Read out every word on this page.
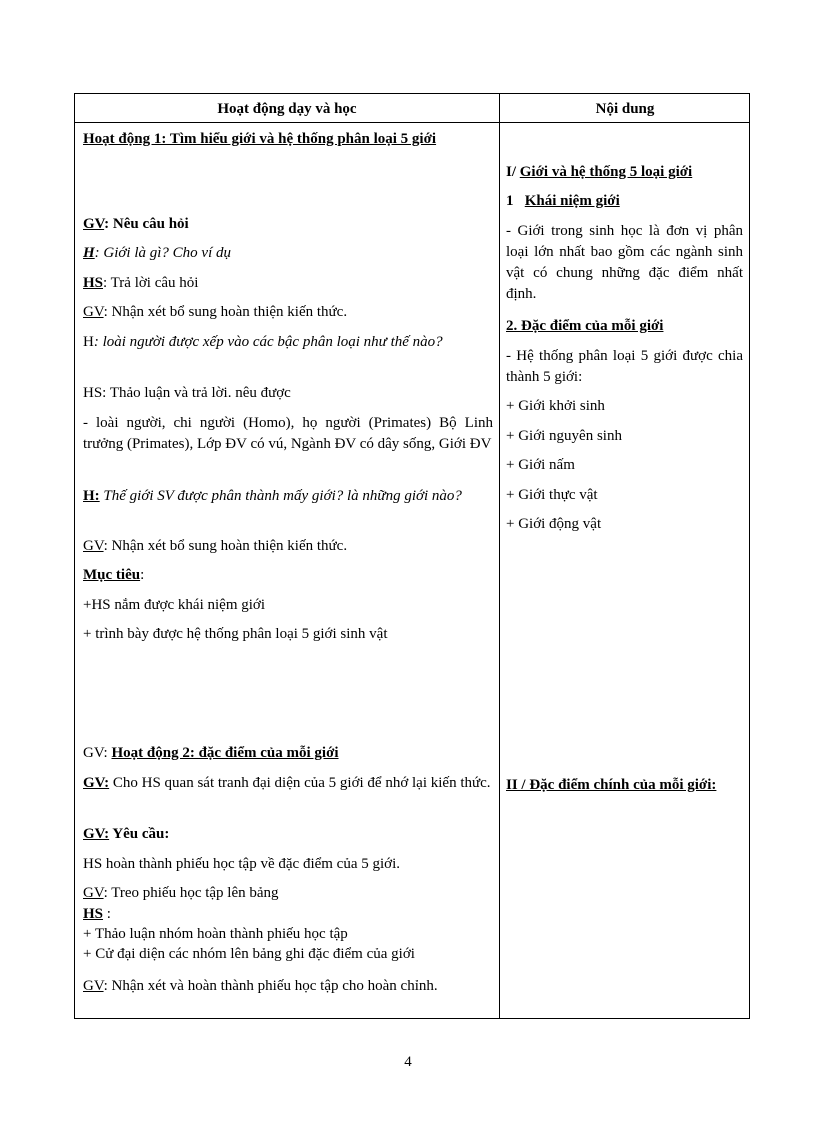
Hoạt động dạy và học	Nội dung
Hoạt động 1: Tìm hiểu giới và hệ thống phân loại 5 giới
GV: Nêu câu hỏi
H: Giới là gì? Cho ví dụ
HS: Trả lời câu hỏi
GV: Nhận xét bổ sung hoàn thiện kiến thức.
H: loài người được xếp vào các bậc phân loại như thế nào?
HS: Thảo luận và trả lời. nêu được
- loài người, chi người (Homo), họ người (Primates) Bộ Linh trưởng (Primates), Lớp ĐV có vú, Ngành ĐV có dây sống, Giới ĐV
H: Thế giới SV được phân thành mấy giới? là những giới nào?
GV: Nhận xét bổ sung hoàn thiện kiến thức.
Mục tiêu:
+HS nắm được khái niệm giới
+ trình bày được hệ thống phân loại 5 giới sinh vật
GV: Hoạt động 2: đặc điểm của mỗi giới
GV: Cho HS quan sát tranh đại diện của 5 giới để nhớ lại kiến thức.
GV: Yêu cầu:
HS hoàn thành phiếu học tập về đặc điểm của 5 giới.
GV: Treo phiếu học tập lên bảng
HS :
+ Thảo luận nhóm hoàn thành phiếu học tập
+ Cử đại diện các nhóm lên bảng ghi đặc điểm của giới
GV: Nhận xét và hoàn thành phiếu học tập cho hoàn chỉnh.
I/ Giới và hệ thống 5 loại giới
1 Khái niệm giới
- Giới trong sinh học là đơn vị phân loại lớn nhất bao gồm các ngành sinh vật có chung những đặc điểm nhất định.
2. Đặc điểm của mỗi giới
- Hệ thống phân loại 5 giới được chia thành 5 giới:
+ Giới khởi sinh
+ Giới nguyên sinh
+ Giới nấm
+ Giới thực vật
+ Giới động vật
II / Đặc điểm chính của mỗi giới:
4
